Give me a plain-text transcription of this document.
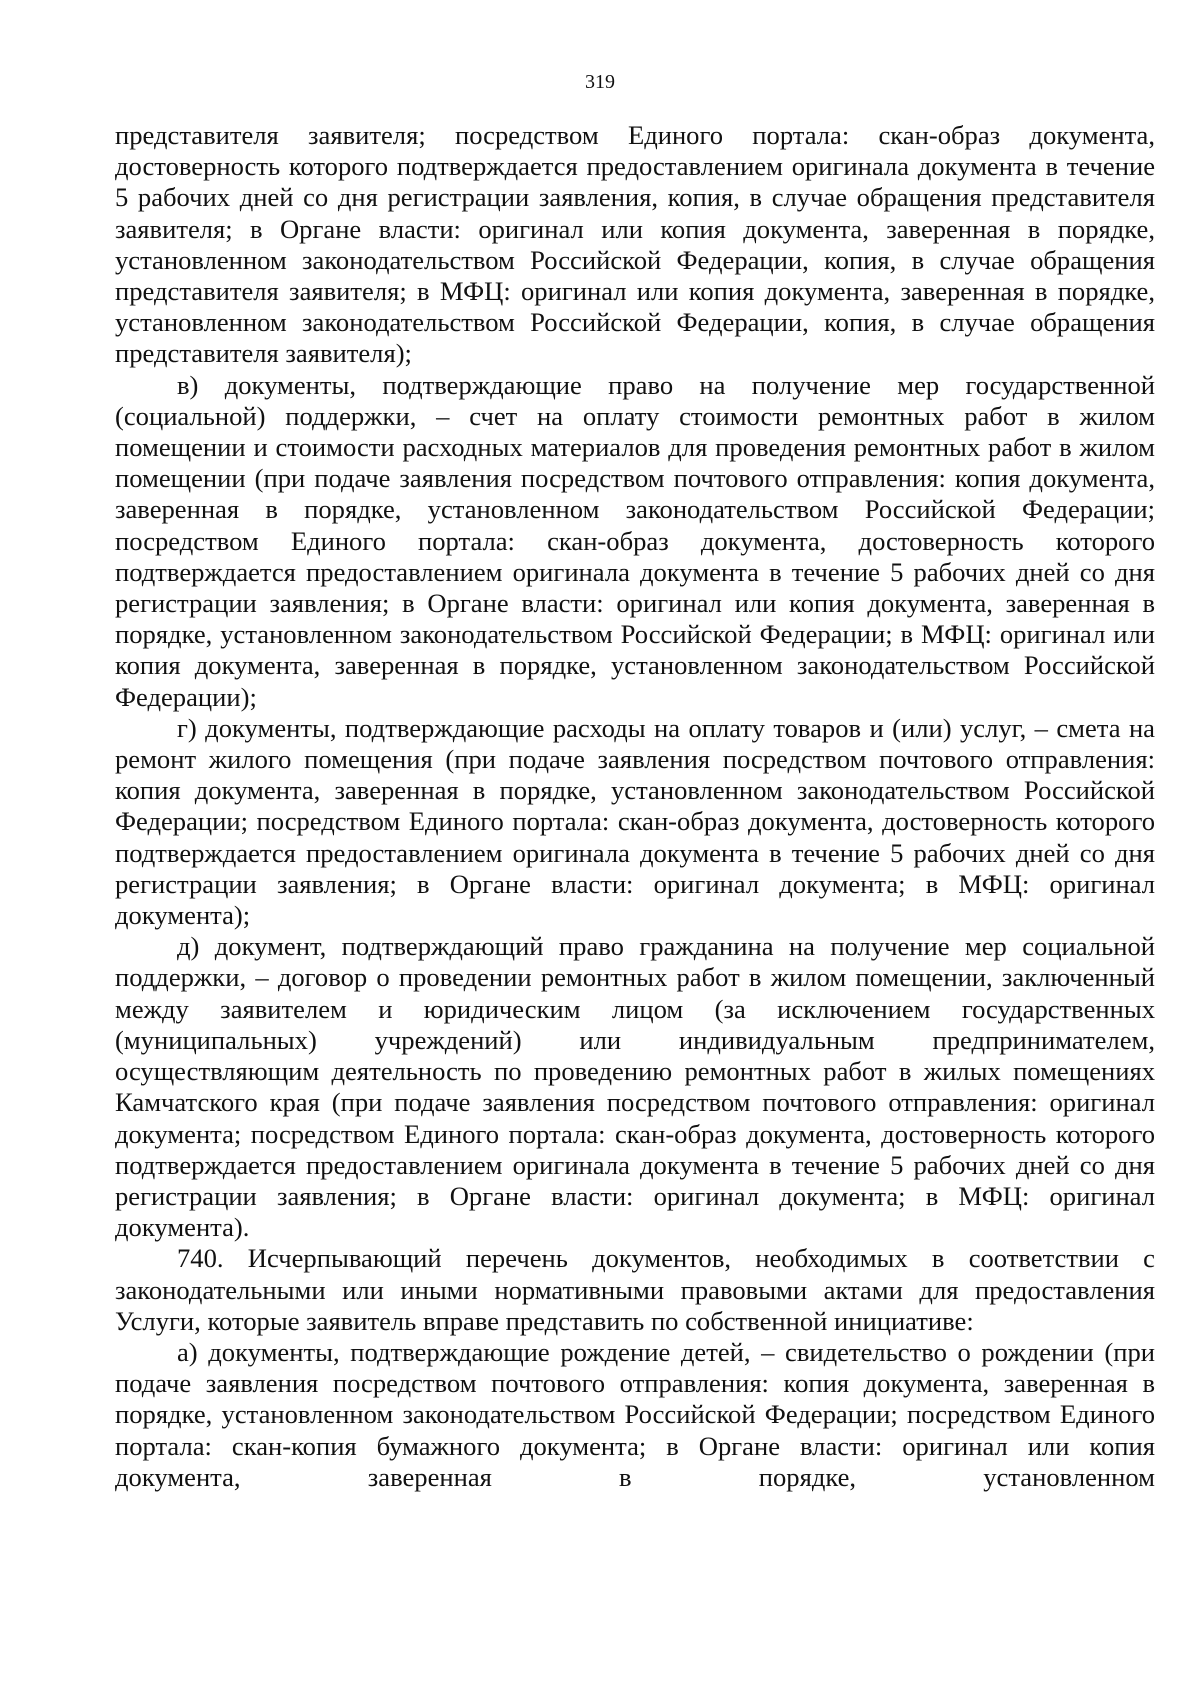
319

представителя заявителя; посредством Единого портала: скан-образ документа, достоверность которого подтверждается предоставлением оригинала документа в течение 5 рабочих дней со дня регистрации заявления, копия, в случае обращения представителя заявителя; в Органе власти: оригинал или копия документа, заверенная в порядке, установленном законодательством Российской Федерации, копия, в случае обращения представителя заявителя; в МФЦ: оригинал или копия документа, заверенная в порядке, установленном законодательством Российской Федерации, копия, в случае обращения представителя заявителя);

в) документы, подтверждающие право на получение мер государственной (социальной) поддержки, – счет на оплату стоимости ремонтных работ в жилом помещении и стоимости расходных материалов для проведения ремонтных работ в жилом помещении (при подаче заявления посредством почтового отправления: копия документа, заверенная в порядке, установленном законодательством Российской Федерации; посредством Единого портала: скан-образ документа, достоверность которого подтверждается предоставлением оригинала документа в течение 5 рабочих дней со дня регистрации заявления; в Органе власти: оригинал или копия документа, заверенная в порядке, установленном законодательством Российской Федерации; в МФЦ: оригинал или копия документа, заверенная в порядке, установленном законодательством Российской Федерации);

г) документы, подтверждающие расходы на оплату товаров и (или) услуг, – смета на ремонт жилого помещения (при подаче заявления посредством почтового отправления: копия документа, заверенная в порядке, установленном законодательством Российской Федерации; посредством Единого портала: скан-образ документа, достоверность которого подтверждается предоставлением оригинала документа в течение 5 рабочих дней со дня регистрации заявления; в Органе власти: оригинал документа; в МФЦ: оригинал документа);

д) документ, подтверждающий право гражданина на получение мер социальной поддержки, – договор о проведении ремонтных работ в жилом помещении, заключенный между заявителем и юридическим лицом (за исключением государственных (муниципальных) учреждений) или индивидуальным предпринимателем, осуществляющим деятельность по проведению ремонтных работ в жилых помещениях Камчатского края (при подаче заявления посредством почтового отправления: оригинал документа; посредством Единого портала: скан-образ документа, достоверность которого подтверждается предоставлением оригинала документа в течение 5 рабочих дней со дня регистрации заявления; в Органе власти: оригинал документа; в МФЦ: оригинал документа).

740. Исчерпывающий перечень документов, необходимых в соответствии с законодательными или иными нормативными правовыми актами для предоставления Услуги, которые заявитель вправе представить по собственной инициативе:

а) документы, подтверждающие рождение детей, – свидетельство о рождении (при подаче заявления посредством почтового отправления: копия документа, заверенная в порядке, установленном законодательством Российской Федерации; посредством Единого портала: скан-копия бумажного документа; в Органе власти: оригинал или копия документа, заверенная в порядке, установленном
